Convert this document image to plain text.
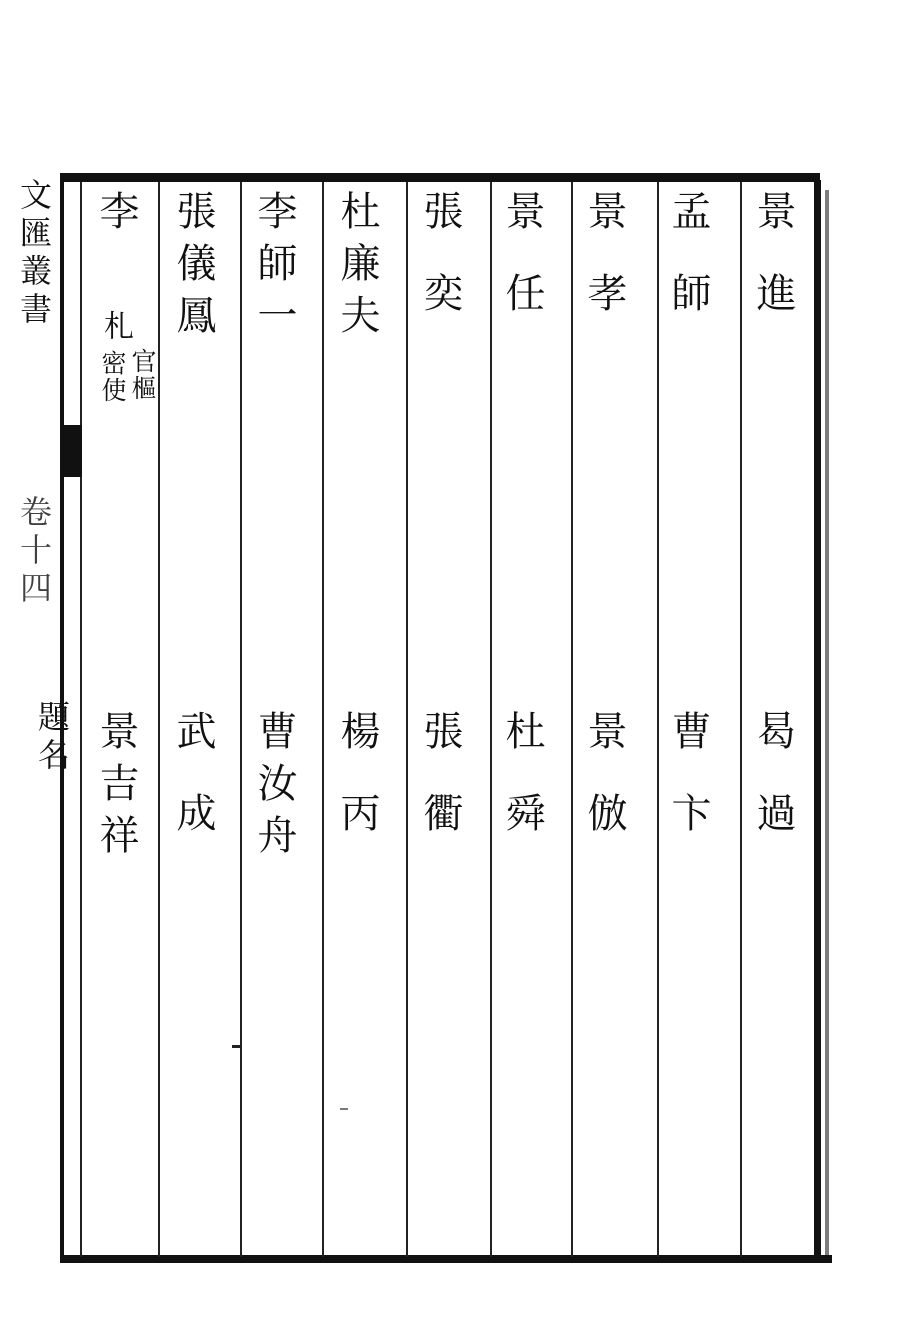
文匯叢書
卷十四
題名
景進
曷過
孟師
曹卞
景孝
景倣
景任
杜舜
張奕
張衢
杜廉夫
楊丙
李師一
曹汝舟
張儀鳳
武成
李
札
官樞
密使
景吉祥
